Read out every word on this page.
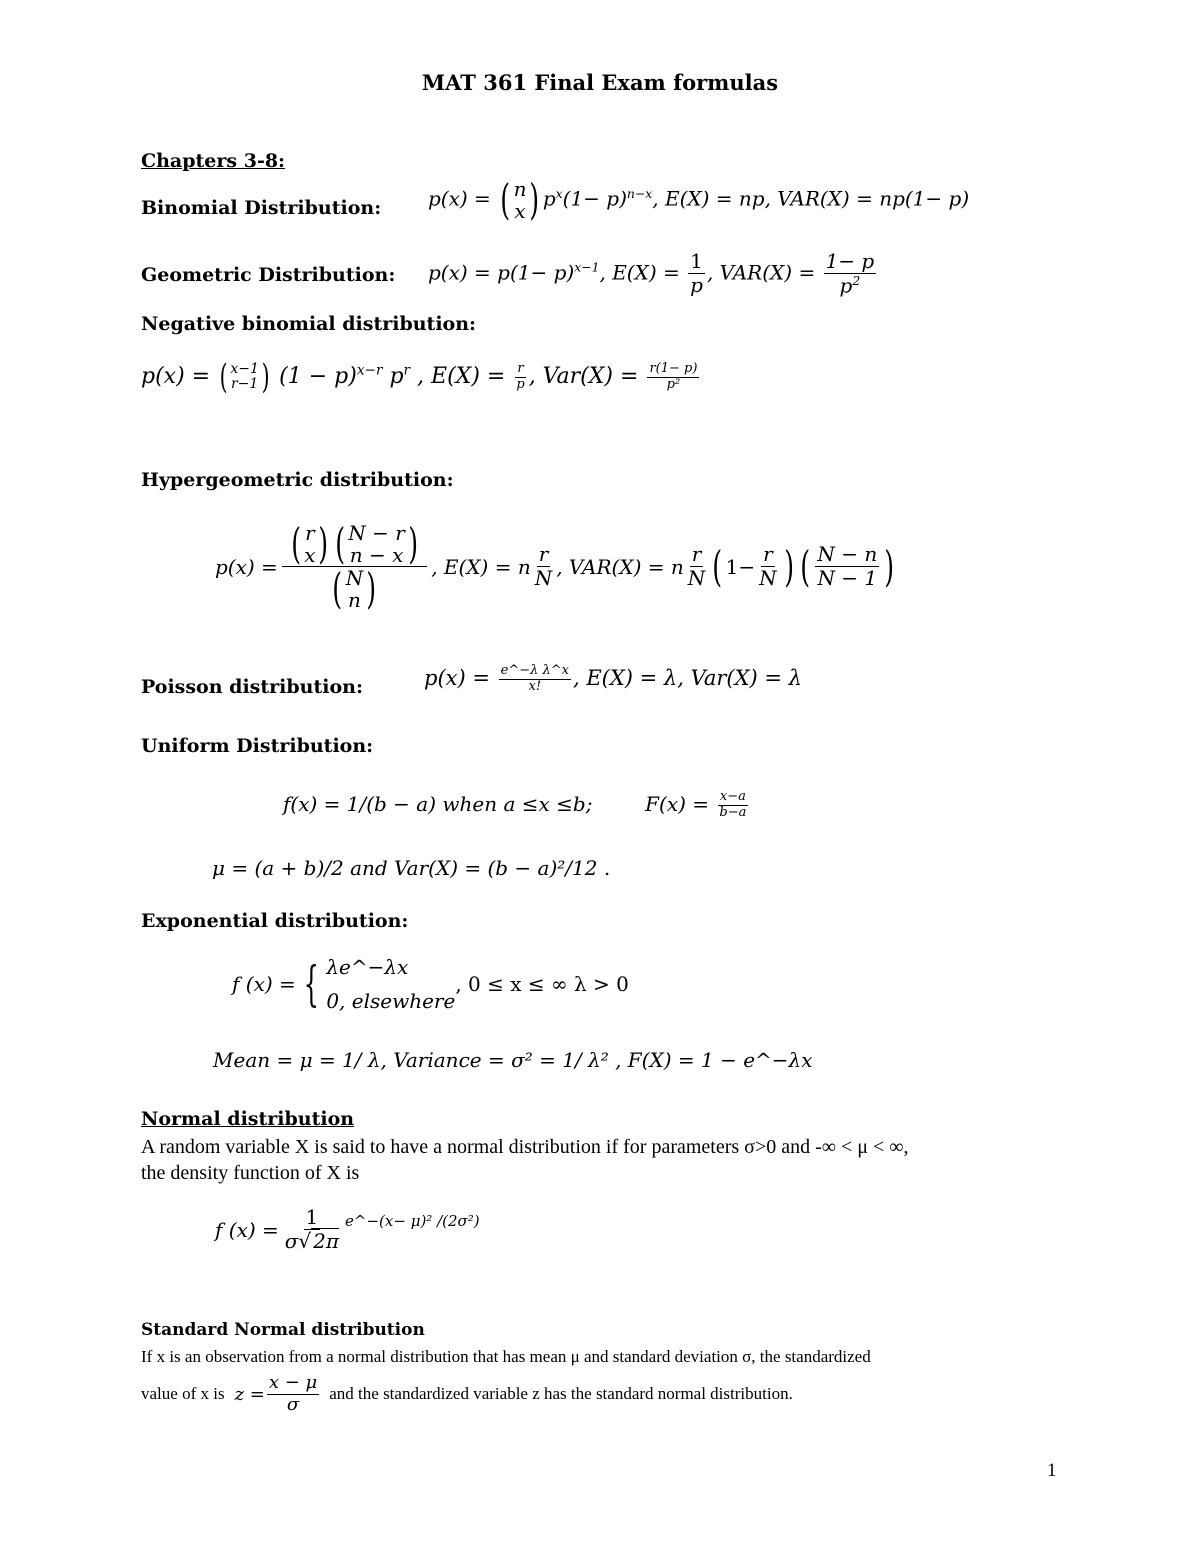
MAT 361 Final Exam formulas
Chapters 3-8:
Binomial Distribution: p(x) = ( n
x ) $p^x(1- p)^{n-x}$, E(X) = np, VAR(X) = np(1− p)
Geometric Distribution: $p(x) = p(1- p)^{x-1}$, $E(X) = \frac{1}{p}$ , $VAR(X) = \frac{1- p}{p^2}$
Negative binomial distribution:
p(x) = ( x−1
r−1 ) $(1 - p)^{x-r}$ $p^r$ , $E(X) = \frac{r}{p}$ , $Var(X) = \frac{r(1- p)}{\text{p²}}$
Hypergeometric distribution:
p(x) = ( r
x ) ( N − r
n − x )
( N
n ) , E(X) = n $\frac{r}{N}$ , VAR(X) = n $\frac{r}{N}$ ( $1- \frac{r}{N}$ ) ( $\frac{N - n}{N - 1}$ )
Poisson distribution:	$p(x) = \frac{\text{e\textasciicircum{}−λ λ\textasciicircum{}x}}{x!}$ , E(X) = λ, Var(X) = λ
Uniform Distribution:
f(x) = 1/(b − a) when a ≤x ≤b;	$F(x) = \frac{x-a}{b-a}$
μ = (a + b)/2 and Var(X) = (b − a)²/12 .
Exponential distribution:
f (x) = { λe^−λx
0, elsewhere
, 0 ≤ x ≤ ∞ λ > 0
Mean = μ = 1/ λ, Variance = σ² = 1/ λ² , F(X) = 1 − e^−λx
Normal distribution
A random variable X is said to have a normal distribution if for parameters σ>0 and -∞ < μ < ∞,
the density function of X is
f $(x) = \frac{1}{\sigma√ 2\pi}$ e^−(x− μ)² /(2σ²)
Standard Normal distribution
If x is an observation from a normal distribution that has mean μ and standard deviation σ, the standardized
value of x is $z = \frac{x - \mu}{\sigma}$ and the standardized variable z has the standard normal distribution.
1
